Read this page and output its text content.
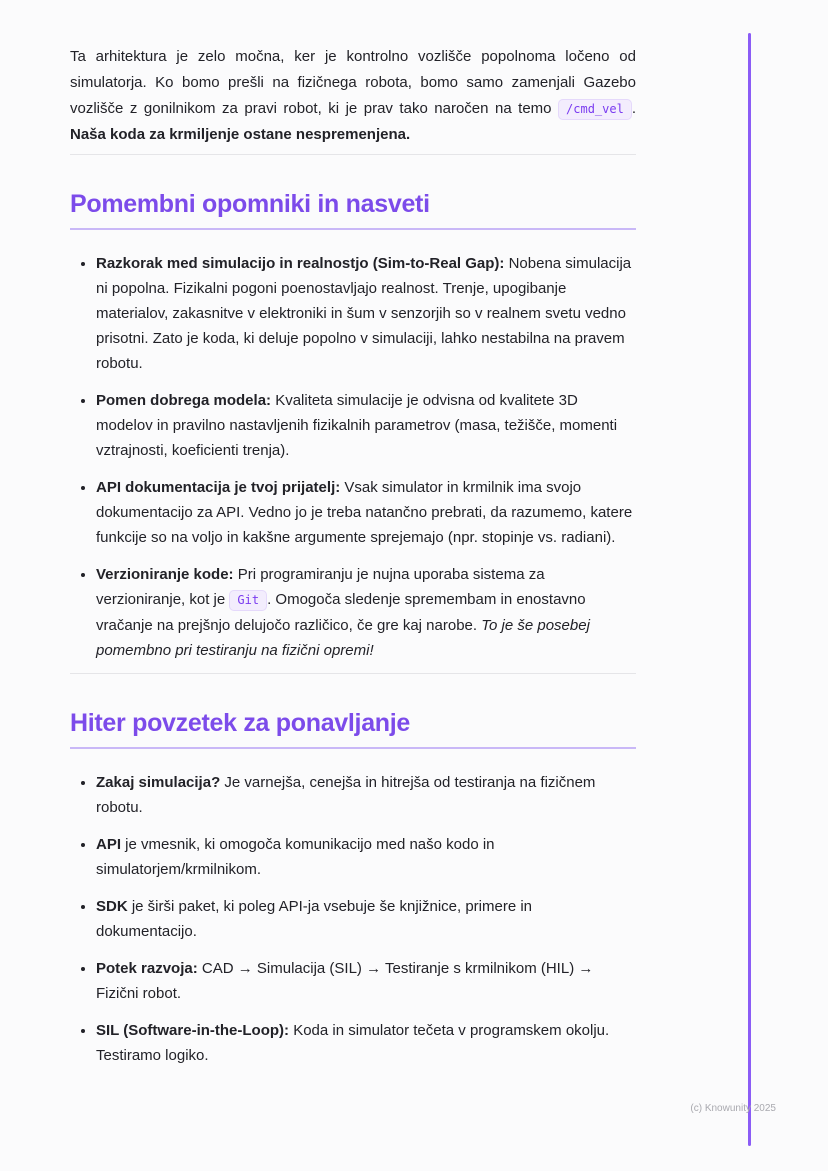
Ta arhitektura je zelo močna, ker je kontrolno vozlišče popolnoma ločeno od simulatorja. Ko bomo prešli na fizičnega robota, bomo samo zamenjali Gazebo vozlišče z gonilnikom za pravi robot, ki je prav tako naročen na temo /cmd_vel . Naša koda za krmiljenje ostane nespremenjena.

Pomembni opomniki in nasveti
• Razkorak med simulacijo in realnostjo (Sim-to-Real Gap): Nobena simulacija ni popolna. Fizikalni pogoni poenostavljajo realnost. Trenje, upogibanje materialov, zakasnitve v elektroniki in šum v senzorjih so v realnem svetu vedno prisotni. Zato je koda, ki deluje popolno v simulaciji, lahko nestabilna na pravem robotu.
• Pomen dobrega modela: Kvaliteta simulacije je odvisna od kvalitete 3D modelov in pravilno nastavljenih fizikalnih parametrov (masa, težišče, momenti vztrajnosti, koeficienti trenja).
• API dokumentacija je tvoj prijatelj: Vsak simulator in krmilnik ima svojo dokumentacijo za API. Vedno jo je treba natančno prebrati, da razumemo, katere funkcije so na voljo in kakšne argumente sprejemajo (npr. stopinje vs. radiani).
• Verzioniranje kode: Pri programiranju je nujna uporaba sistema za verzioniranje, kot je Git . Omogoča sledenje spremembam in enostavno vračanje na prejšnjo delujočo različico, če gre kaj narobe. To je še posebej pomembno pri testiranju na fizični opremi!
Hiter povzetek za ponavljanje
• Zakaj simulacija? Je varnejša, cenejša in hitrejša od testiranja na fizičnem robotu.
• API je vmesnik, ki omogoča komunikacijo med našo kodo in simulatorjem/krmilnikom.
• SDK je širši paket, ki poleg API-ja vsebuje še knjižnice, primere in dokumentacijo.
• Potek razvoja: CAD → Simulacija (SIL) → Testiranje s krmilnikom (HIL) → Fizični robot.
• SIL (Software-in-the-Loop): Koda in simulator tečeta v programskem okolju. Testiramo logiko.
(c) Knowunity 2025
